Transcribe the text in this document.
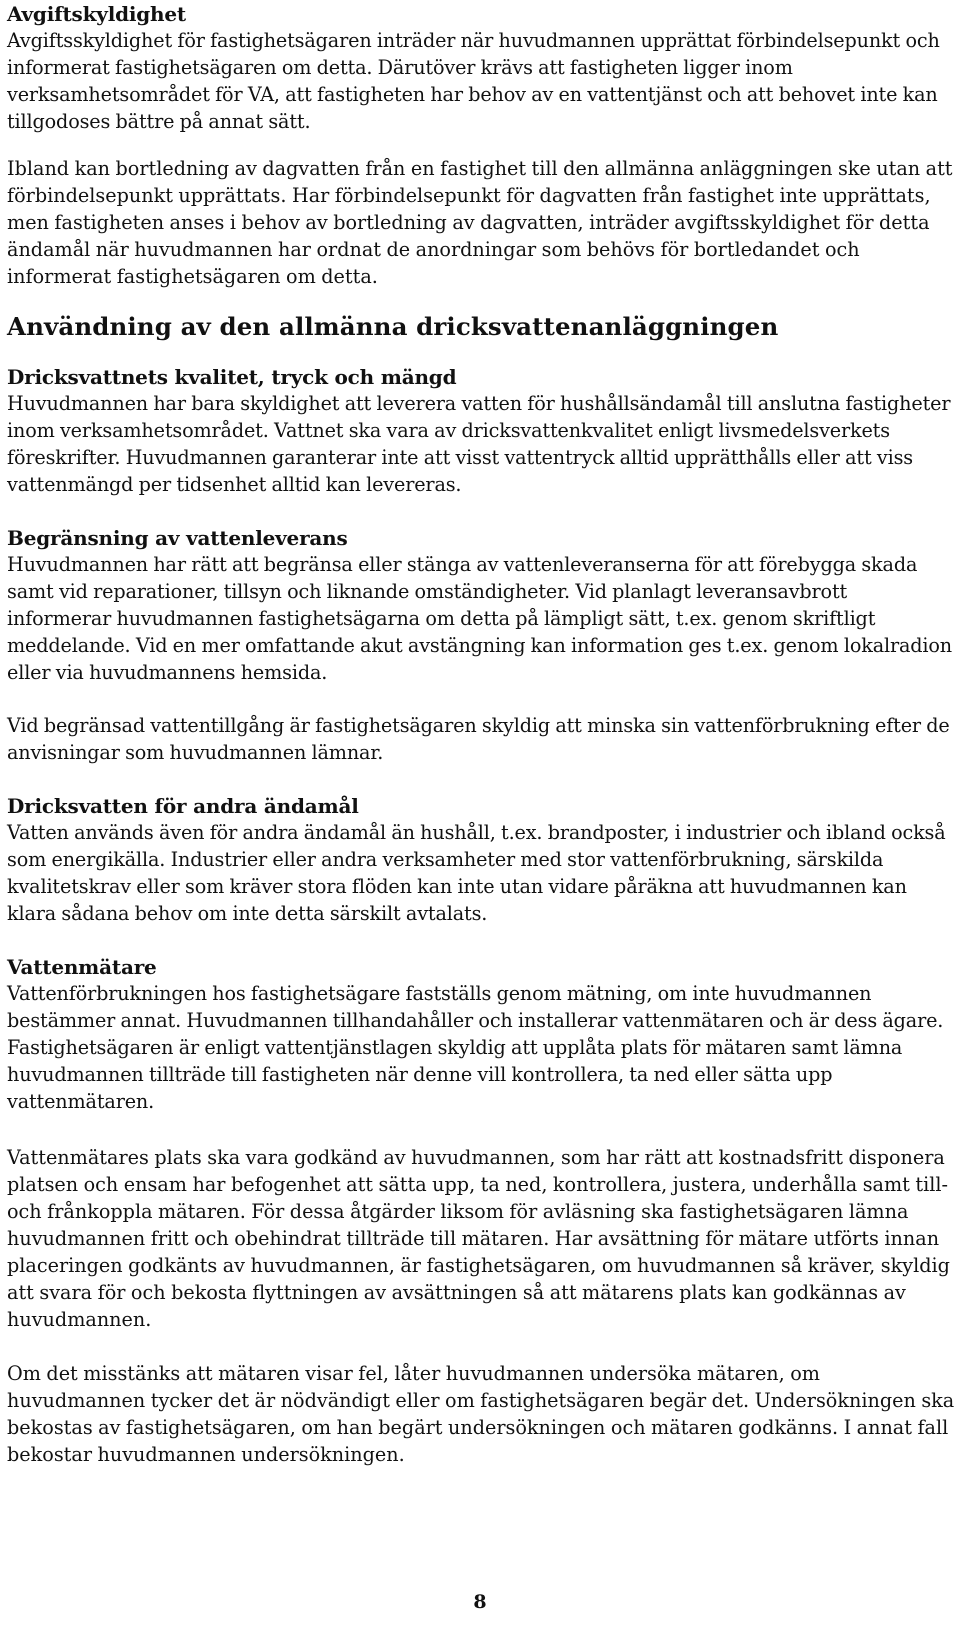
Avgiftskyldighet

Avgiftsskyldighet för fastighetsägaren inträder när huvudmannen upprättat förbindelsepunkt och informerat fastighetsägaren om detta. Därutöver krävs att fastigheten ligger inom verksamhetsområdet för VA, att fastigheten har behov av en vattentjänst och att behovet inte kan tillgodoses bättre på annat sätt.

Ibland kan bortledning av dagvatten från en fastighet till den allmänna anläggningen ske utan att förbindelsepunkt upprättats. Har förbindelsepunkt för dagvatten från fastighet inte upprättats, men fastigheten anses i behov av bortledning av dagvatten, inträder avgiftsskyldighet för detta ändamål när huvudmannen har ordnat de anordningar som behövs för bortledandet och informerat fastighetsägaren om detta.

Användning av den allmänna dricksvattenanläggningen
Dricksvattnets kvalitet, tryck och mängd

Huvudmannen har bara skyldighet att leverera vatten för hushållsändamål till anslutna fastigheter inom verksamhetsområdet. Vattnet ska vara av dricksvattenkvalitet enligt livsmedelsverkets föreskrifter. Huvudmannen garanterar inte att visst vattentryck alltid upprätthålls eller att viss vattenmängd per tidsenhet alltid kan levereras.

Begränsning av vattenleverans

Huvudmannen har rätt att begränsa eller stänga av vattenleveranserna för att förebygga skada samt vid reparationer, tillsyn och liknande omständigheter. Vid planlagt leveransavbrott informerar huvudmannen fastighetsägarna om detta på lämpligt sätt, t.ex. genom skriftligt meddelande. Vid en mer omfattande akut avstängning kan information ges t.ex. genom lokalradion eller via huvudmannens hemsida.

Vid begränsad vattentillgång är fastighetsägaren skyldig att minska sin vattenförbrukning efter de anvisningar som huvudmannen lämnar.

Dricksvatten för andra ändamål

Vatten används även för andra ändamål än hushåll, t.ex. brandposter, i industrier och ibland också som energikälla. Industrier eller andra verksamheter med stor vattenförbrukning, särskilda kvalitetskrav eller som kräver stora flöden kan inte utan vidare påräkna att huvudmannen kan klara sådana behov om inte detta särskilt avtalats.

Vattenmätare

Vattenförbrukningen hos fastighetsägare fastställs genom mätning, om inte huvudmannen bestämmer annat. Huvudmannen tillhandahåller och installerar vattenmätaren och är dess ägare. Fastighetsägaren är enligt vattentjänstlagen skyldig att upplåta plats för mätaren samt lämna huvudmannen tillträde till fastigheten när denne vill kontrollera, ta ned eller sätta upp vattenmätaren.

Vattenmätares plats ska vara godkänd av huvudmannen, som har rätt att kostnadsfritt disponera platsen och ensam har befogenhet att sätta upp, ta ned, kontrollera, justera, underhålla samt till- och frånkoppla mätaren. För dessa åtgärder liksom för avläsning ska fastighetsägaren lämna huvudmannen fritt och obehindrat tillträde till mätaren. Har avsättning för mätare utförts innan placeringen godkänts av huvudmannen, är fastighetsägaren, om huvudmannen så kräver, skyldig att svara för och bekosta flyttningen av avsättningen så att mätarens plats kan godkännas av huvudmannen.

Om det misstänks att mätaren visar fel, låter huvudmannen undersöka mätaren, om huvudmannen tycker det är nödvändigt eller om fastighetsägaren begär det. Undersökningen ska bekostas av fastighetsägaren, om han begärt undersökningen och mätaren godkänns. I annat fall bekostar huvudmannen undersökningen.

8
